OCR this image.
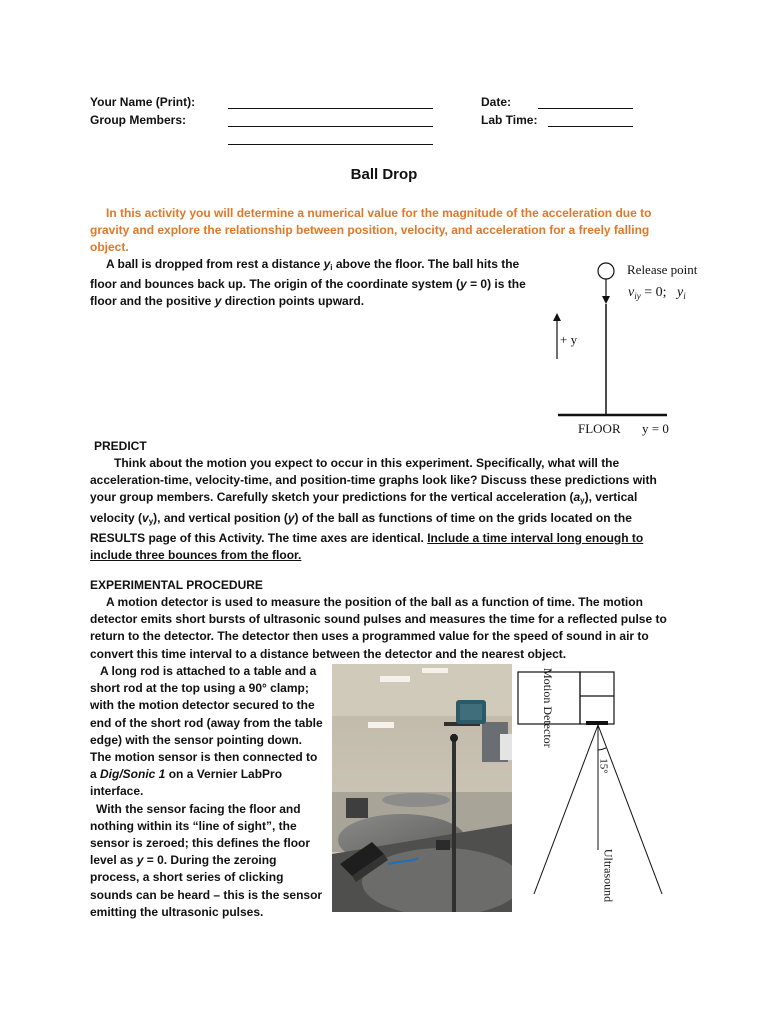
Your Name (Print):
Group Members:
Date:
Lab Time:
Ball Drop
In this activity you will determine a numerical value for the magnitude of the acceleration due to gravity and explore the relationship between position, velocity, and acceleration for a freely falling object.
A ball is dropped from rest a distance $y_i$ above the floor. The ball hits the floor and bounces back up. The origin of the coordinate system (y = 0) is the floor and the positive y direction points upward.
Release point
$v_{iy} = 0$; $y_i$
+ y
FLOOR y = 0
PREDICT
Think about the motion you expect to occur in this experiment. Specifically, what will the acceleration-time, velocity-time, and position-time graphs look like? Discuss these predictions with your group members. Carefully sketch your predictions for the vertical acceleration $(a_y)$, vertical velocity $(v_y)$, and vertical position (y) of the ball as functions of time on the grids located on the RESULTS page of this Activity. The time axes are identical. Include a time interval long enough to include three bounces from the floor.
EXPERIMENTAL PROCEDURE
A motion detector is used to measure the position of the ball as a function of time. The motion detector emits short bursts of ultrasonic sound pulses and measures the time for a reflected pulse to return to the detector. The detector then uses a programmed value for the speed of sound in air to convert this time interval to a distance between the detector and the nearest object.

A long rod is attached to a table and a short rod at the top using a 90° clamp; with the motion detector secured to the end of the short rod (away from the table edge) with the sensor pointing down. The motion sensor is then connected to a Dig/Sonic 1 on a Vernier LabPro interface.

With the sensor facing the floor and nothing within its “line of sight”, the sensor is zeroed; this defines the floor level as y = 0. During the zeroing process, a short series of clicking sounds can be heard – this is the sensor emitting the ultrasonic pulses.

Motion Detector
15°
Ultrasound
